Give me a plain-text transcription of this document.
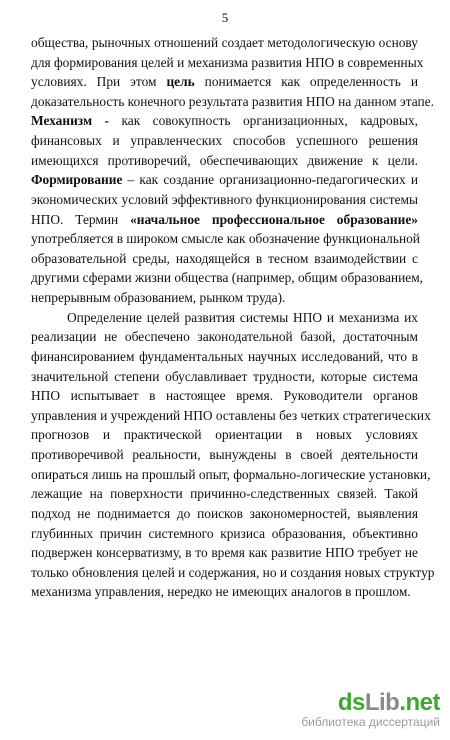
5
общества, рыночных отношений создает методологическую основу
для формирования целей и механизма развития НПО в современных
условиях. При этом цель понимается как определенность и
доказательность конечного результата развития НПО на данном этапе.
Механизм - как совокупность организационных, кадровых,
финансовых и управленческих способов успешного решения
имеющихся противоречий, обеспечивающих движение к цели.
Формирование – как создание организационно-педагогических и
экономических условий эффективного функционирования системы
НПО. Термин «начальное профессиональное образование»
употребляется в широком смысле как обозначение функциональной
образовательной среды, находящейся в тесном взаимодействии с
другими сферами жизни общества (например, общим образованием,
непрерывным образованием, рынком труда).
Определение целей развития системы НПО и механизма их
реализации не обеспечено законодательной базой, достаточным
финансированием фундаментальных научных исследований, что в
значительной степени обуславливает трудности, которые система
НПО испытывает в настоящее время. Руководители органов
управления и учреждений НПО оставлены без четких стратегических
прогнозов и практической ориентации в новых условиях
противоречивой реальности, вынуждены в своей деятельности
опираться лишь на прошлый опыт, формально-логические установки,
лежащие на поверхности причинно-следственных связей. Такой
подход не поднимается до поисков закономерностей, выявления
глубинных причин системного кризиса образования, объективно
подвержен консерватизму, в то время как развитие НПО требует не
только обновления целей и содержания, но и создания новых структур
механизма управления, нередко не имеющих аналогов в прошлом.
dsLib.net
библиотека диссертаций
